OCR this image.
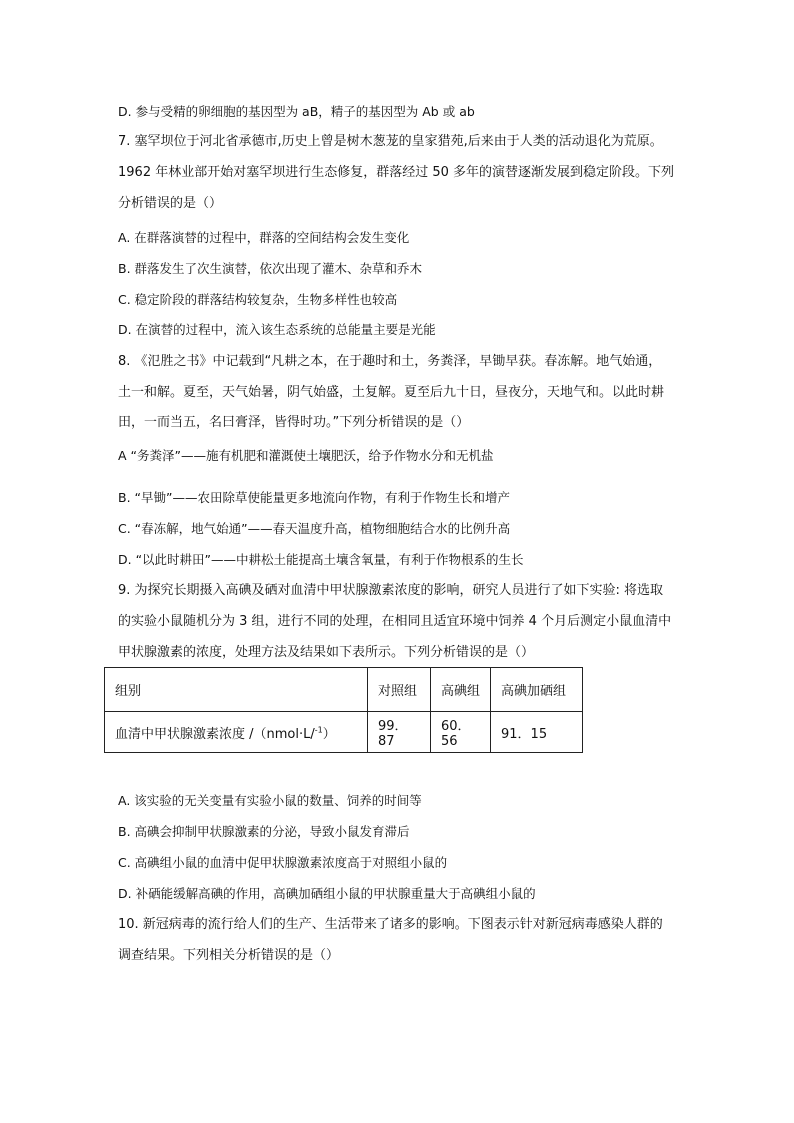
D. 参与受精的卵细胞的基因型为 aB，精子的基因型为 Ab 或 ab
7. 塞罕坝位于河北省承德市,历史上曾是树木葱茏的皇家猎苑,后来由于人类的活动退化为荒原。
1962 年林业部开始对塞罕坝进行生态修复，群落经过 50 多年的演替逐渐发展到稳定阶段。下列
分析错误的是（）
A. 在群落演替的过程中，群落的空间结构会发生变化
B. 群落发生了次生演替，依次出现了灌木、杂草和乔木
C. 稳定阶段的群落结构较复杂，生物多样性也较高
D. 在演替的过程中，流入该生态系统的总能量主要是光能
8. 《氾胜之书》中记载到“凡耕之本，在于趣时和土，务粪泽，早锄早获。春冻解。地气始通，
土一和解。夏至，天气始暑，阴气始盛，土复解。夏至后九十日，昼夜分，天地气和。以此时耕
田，一而当五，名曰膏泽，皆得时功。”下列分析错误的是（）
A “务粪泽”——施有机肥和灌溉使土壤肥沃，给予作物水分和无机盐
B. “早锄”——农田除草使能量更多地流向作物，有利于作物生长和增产
C. “春冻解，地气始通”——春天温度升高，植物细胞结合水的比例升高
D. “以此时耕田”——中耕松土能提高土壤含氧量，有利于作物根系的生长
9. 为探究长期摄入高碘及硒对血清中甲状腺激素浓度的影响，研究人员进行了如下实验: 将选取
的实验小鼠随机分为 3 组，进行不同的处理，在相同且适宜环境中饲养 4 个月后测定小鼠血清中
甲状腺激素的浓度，处理方法及结果如下表所示。下列分析错误的是（）
组别	对照组	高碘组	高碘加硒组
血清中甲状腺激素浓度 /（nmol·L/$^{-1}$）	99．87	60．56	91．15
A. 该实验的无关变量有实验小鼠的数量、饲养的时间等
B. 高碘会抑制甲状腺激素的分泌，导致小鼠发育滞后
C. 高碘组小鼠的血清中促甲状腺激素浓度高于对照组小鼠的
D. 补硒能缓解高碘的作用，高碘加硒组小鼠的甲状腺重量大于高碘组小鼠的
10. 新冠病毒的流行给人们的生产、生活带来了诸多的影响。下图表示针对新冠病毒感染人群的
调查结果。下列相关分析错误的是（）
